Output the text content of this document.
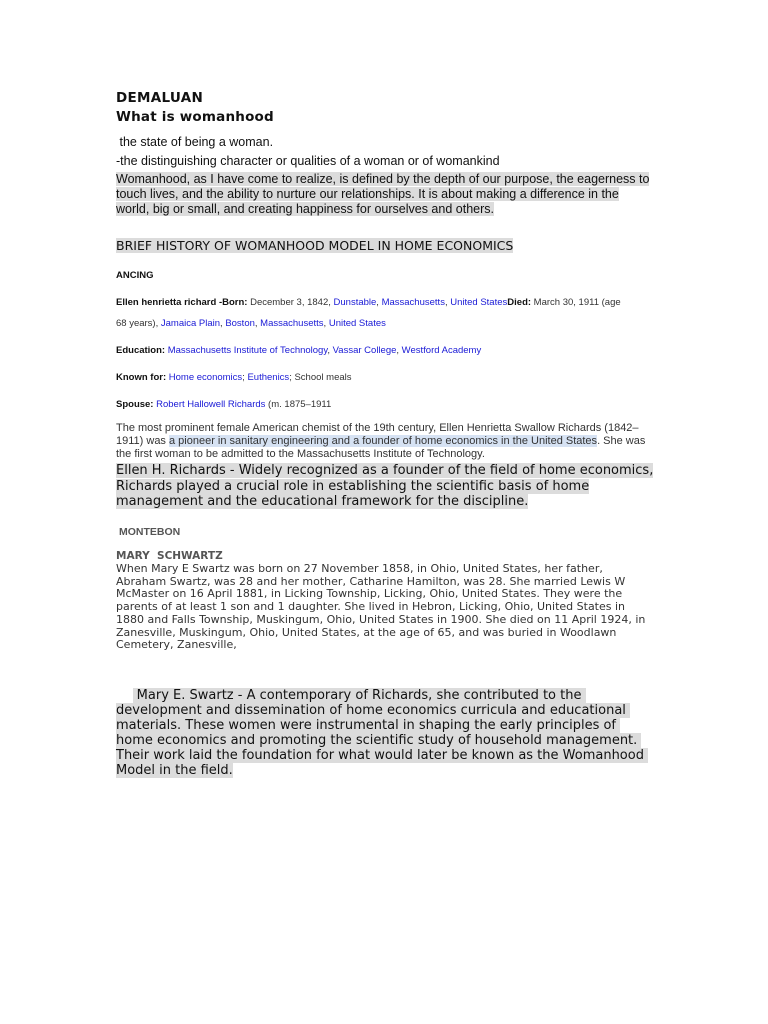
DEMALUAN
What is womanhood
the state of being a woman.
-the distinguishing character or qualities of a woman or of womankind
Womanhood, as I have come to realize, is defined by the depth of our purpose, the eagerness to touch lives, and the ability to nurture our relationships. It is about making a difference in the world, big or small, and creating happiness for ourselves and others.
BRIEF HISTORY OF WOMANHOOD MODEL IN HOME ECONOMICS
ANCING
Ellen henrietta richard -Born: December 3, 1842, Dunstable, Massachusetts, United StatesDied: March 30, 1911 (age
68 years), Jamaica Plain, Boston, Massachusetts, United States
Education: Massachusetts Institute of Technology, Vassar College, Westford Academy
Known for: Home economics; Euthenics; School meals
Spouse: Robert Hallowell Richards (m. 1875–1911
The most prominent female American chemist of the 19th century, Ellen Henrietta Swallow Richards (1842–1911) was a pioneer in sanitary engineering and a founder of home economics in the United States. She was the first woman to be admitted to the Massachusetts Institute of Technology.
Ellen H. Richards - Widely recognized as a founder of the field of home economics, Richards played a crucial role in establishing the scientific basis of home management and the educational framework for the discipline.
MONTEBON
MARY  SCHWARTZ
When Mary E Swartz was born on 27 November 1858, in Ohio, United States, her father, Abraham Swartz, was 28 and her mother, Catharine Hamilton, was 28. She married Lewis W McMaster on 16 April 1881, in Licking Township, Licking, Ohio, United States. They were the parents of at least 1 son and 1 daughter. She lived in Hebron, Licking, Ohio, United States in 1880 and Falls Township, Muskingum, Ohio, United States in 1900. She died on 11 April 1924, in Zanesville, Muskingum, Ohio, United States, at the age of 65, and was buried in Woodlawn Cemetery, Zanesville,

Mary E. Swartz - A contemporary of Richards, she contributed to the development and dissemination of home economics curricula and educational materials. These women were instrumental in shaping the early principles of home economics and promoting the scientific study of household management. Their work laid the foundation for what would later be known as the Womanhood Model in the field.
